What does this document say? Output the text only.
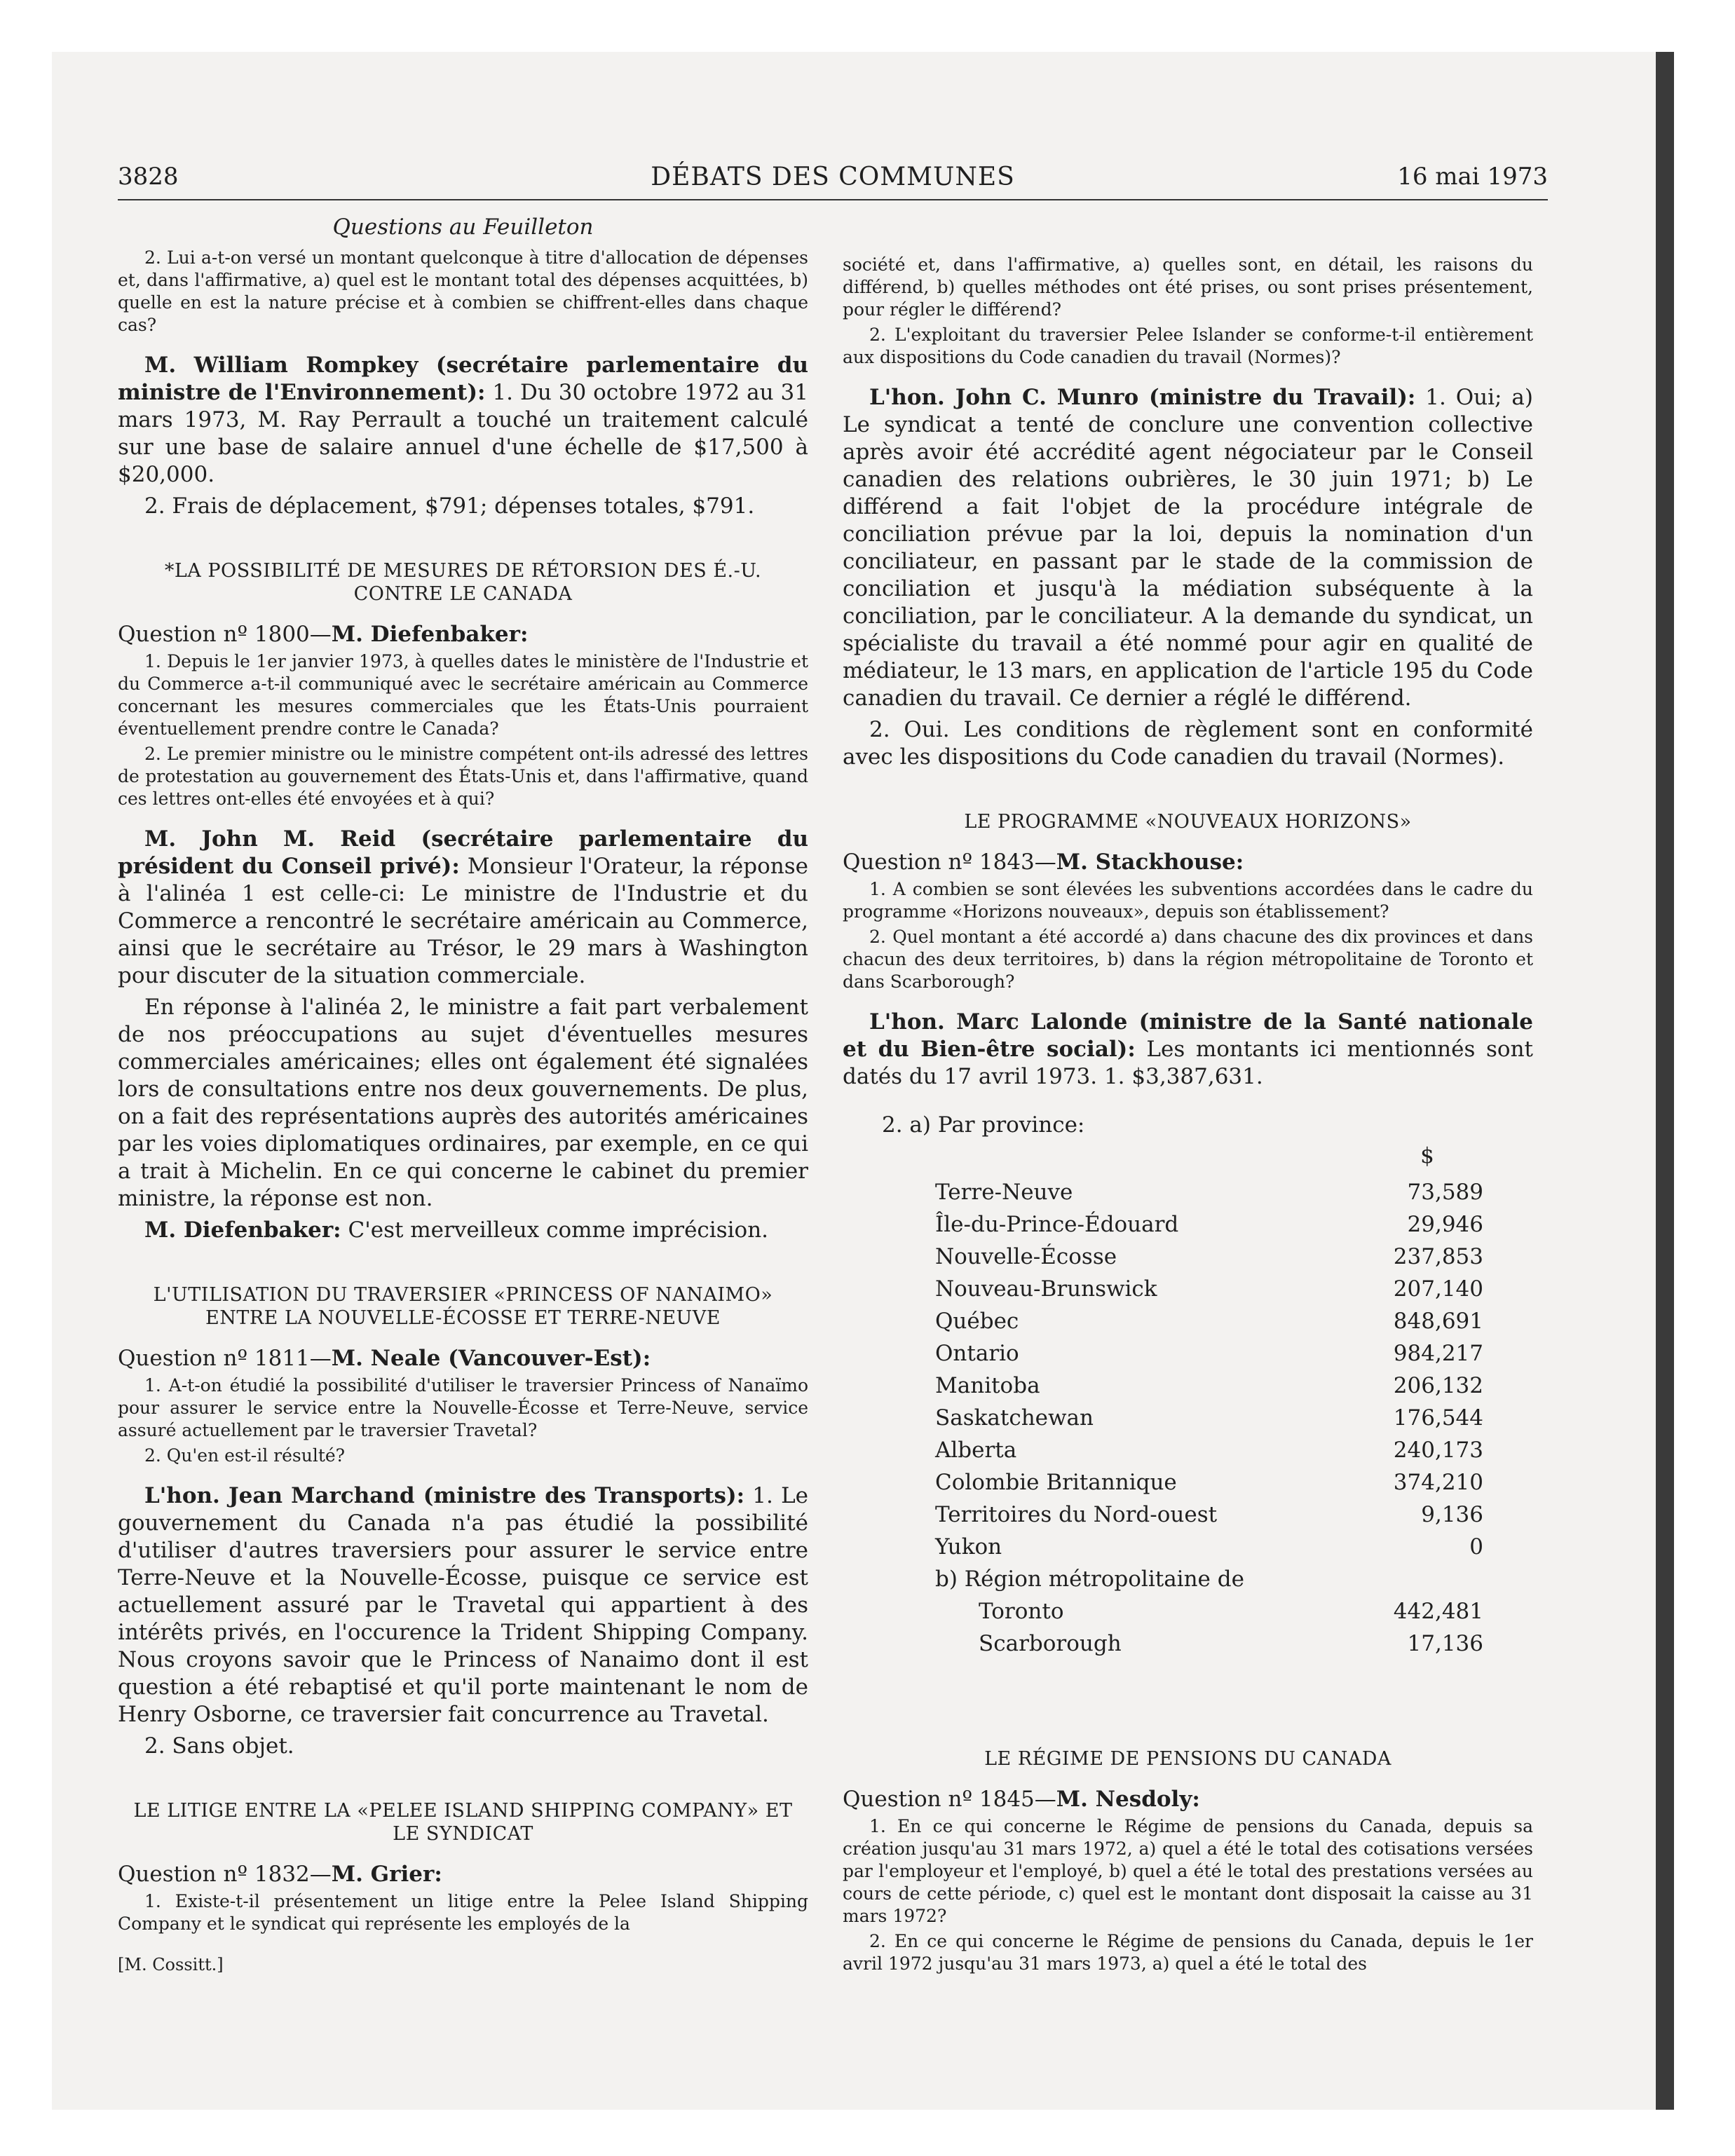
3828	DÉBATS DES COMMUNES	16 mai 1973
Questions au Feuilleton

2. Lui a-t-on versé un montant quelconque à titre d'allocation de dépenses et, dans l'affirmative, a) quel est le montant total des dépenses acquittées, b) quelle en est la nature précise et à combien se chiffrent-elles dans chaque cas?

M. William Rompkey (secrétaire parlementaire du ministre de l'Environnement): 1. Du 30 octobre 1972 au 31 mars 1973, M. Ray Perrault a touché un traitement calculé sur une base de salaire annuel d'une échelle de $17,500 à $20,000.

2. Frais de déplacement, $791; dépenses totales, $791.

*LA POSSIBILITÉ DE MESURES DE RÉTORSION DES É.-U. CONTRE LE CANADA
Question nº 1800—M. Diefenbaker:

1. Depuis le 1er janvier 1973, à quelles dates le ministère de l'Industrie et du Commerce a-t-il communiqué avec le secrétaire américain au Commerce concernant les mesures commerciales que les États-Unis pourraient éventuellement prendre contre le Canada?

2. Le premier ministre ou le ministre compétent ont-ils adressé des lettres de protestation au gouvernement des États-Unis et, dans l'affirmative, quand ces lettres ont-elles été envoyées et à qui?

M. John M. Reid (secrétaire parlementaire du président du Conseil privé): Monsieur l'Orateur, la réponse à l'alinéa 1 est celle-ci: Le ministre de l'Industrie et du Commerce a rencontré le secrétaire américain au Commerce, ainsi que le secrétaire au Trésor, le 29 mars à Washington pour discuter de la situation commerciale.

En réponse à l'alinéa 2, le ministre a fait part verbalement de nos préoccupations au sujet d'éventuelles mesures commerciales américaines; elles ont également été signalées lors de consultations entre nos deux gouvernements. De plus, on a fait des représentations auprès des autorités américaines par les voies diplomatiques ordinaires, par exemple, en ce qui a trait à Michelin. En ce qui concerne le cabinet du premier ministre, la réponse est non.

M. Diefenbaker: C'est merveilleux comme imprécision.

L'UTILISATION DU TRAVERSIER «PRINCESS OF NANAIMO» ENTRE LA NOUVELLE-ÉCOSSE ET TERRE-NEUVE
Question nº 1811—M. Neale (Vancouver-Est):

1. A-t-on étudié la possibilité d'utiliser le traversier Princess of Nanaïmo pour assurer le service entre la Nouvelle-Écosse et Terre-Neuve, service assuré actuellement par le traversier Travetal?

2. Qu'en est-il résulté?

L'hon. Jean Marchand (ministre des Transports): 1. Le gouvernement du Canada n'a pas étudié la possibilité d'utiliser d'autres traversiers pour assurer le service entre Terre-Neuve et la Nouvelle-Écosse, puisque ce service est actuellement assuré par le Travetal qui appartient à des intérêts privés, en l'occurence la Trident Shipping Company. Nous croyons savoir que le Princess of Nanaimo dont il est question a été rebaptisé et qu'il porte maintenant le nom de Henry Osborne, ce traversier fait concurrence au Travetal.

2. Sans objet.

LE LITIGE ENTRE LA «PELEE ISLAND SHIPPING COMPANY» ET LE SYNDICAT
Question nº 1832—M. Grier:

1. Existe-t-il présentement un litige entre la Pelee Island Shipping Company et le syndicat qui représente les employés de la

[M. Cossitt.]

société et, dans l'affirmative, a) quelles sont, en détail, les raisons du différend, b) quelles méthodes ont été prises, ou sont prises présentement, pour régler le différend?

2. L'exploitant du traversier Pelee Islander se conforme-t-il entièrement aux dispositions du Code canadien du travail (Normes)?

L'hon. John C. Munro (ministre du Travail): 1. Oui; a) Le syndicat a tenté de conclure une convention collective après avoir été accrédité agent négociateur par le Conseil canadien des relations oubrières, le 30 juin 1971; b) Le différend a fait l'objet de la procédure intégrale de conciliation prévue par la loi, depuis la nomination d'un conciliateur, en passant par le stade de la commission de conciliation et jusqu'à la médiation subséquente à la conciliation, par le conciliateur. A la demande du syndicat, un spécialiste du travail a été nommé pour agir en qualité de médiateur, le 13 mars, en application de l'article 195 du Code canadien du travail. Ce dernier a réglé le différend.

2. Oui. Les conditions de règlement sont en conformité avec les dispositions du Code canadien du travail (Normes).

LE PROGRAMME «NOUVEAUX HORIZONS»
Question nº 1843—M. Stackhouse:

1. A combien se sont élevées les subventions accordées dans le cadre du programme «Horizons nouveaux», depuis son établissement?

2. Quel montant a été accordé a) dans chacune des dix provinces et dans chacun des deux territoires, b) dans la région métropolitaine de Toronto et dans Scarborough?

L'hon. Marc Lalonde (ministre de la Santé nationale et du Bien-être social): Les montants ici mentionnés sont datés du 17 avril 1973. 1. $3,387,631.

2. a) Par province:
	$
Terre-Neuve	73,589
Île-du-Prince-Édouard	29,946
Nouvelle-Écosse	237,853
Nouveau-Brunswick	207,140
Québec	848,691
Ontario	984,217
Manitoba	206,132
Saskatchewan	176,544
Alberta	240,173
Colombie Britannique	374,210
Territoires du Nord-ouest	9,136
Yukon	0
b) Région métropolitaine de	
Toronto	442,481
Scarborough	17,136
LE RÉGIME DE PENSIONS DU CANADA
Question nº 1845—M. Nesdoly:

1. En ce qui concerne le Régime de pensions du Canada, depuis sa création jusqu'au 31 mars 1972, a) quel a été le total des cotisations versées par l'employeur et l'employé, b) quel a été le total des prestations versées au cours de cette période, c) quel est le montant dont disposait la caisse au 31 mars 1972?

2. En ce qui concerne le Régime de pensions du Canada, depuis le 1er avril 1972 jusqu'au 31 mars 1973, a) quel a été le total des
